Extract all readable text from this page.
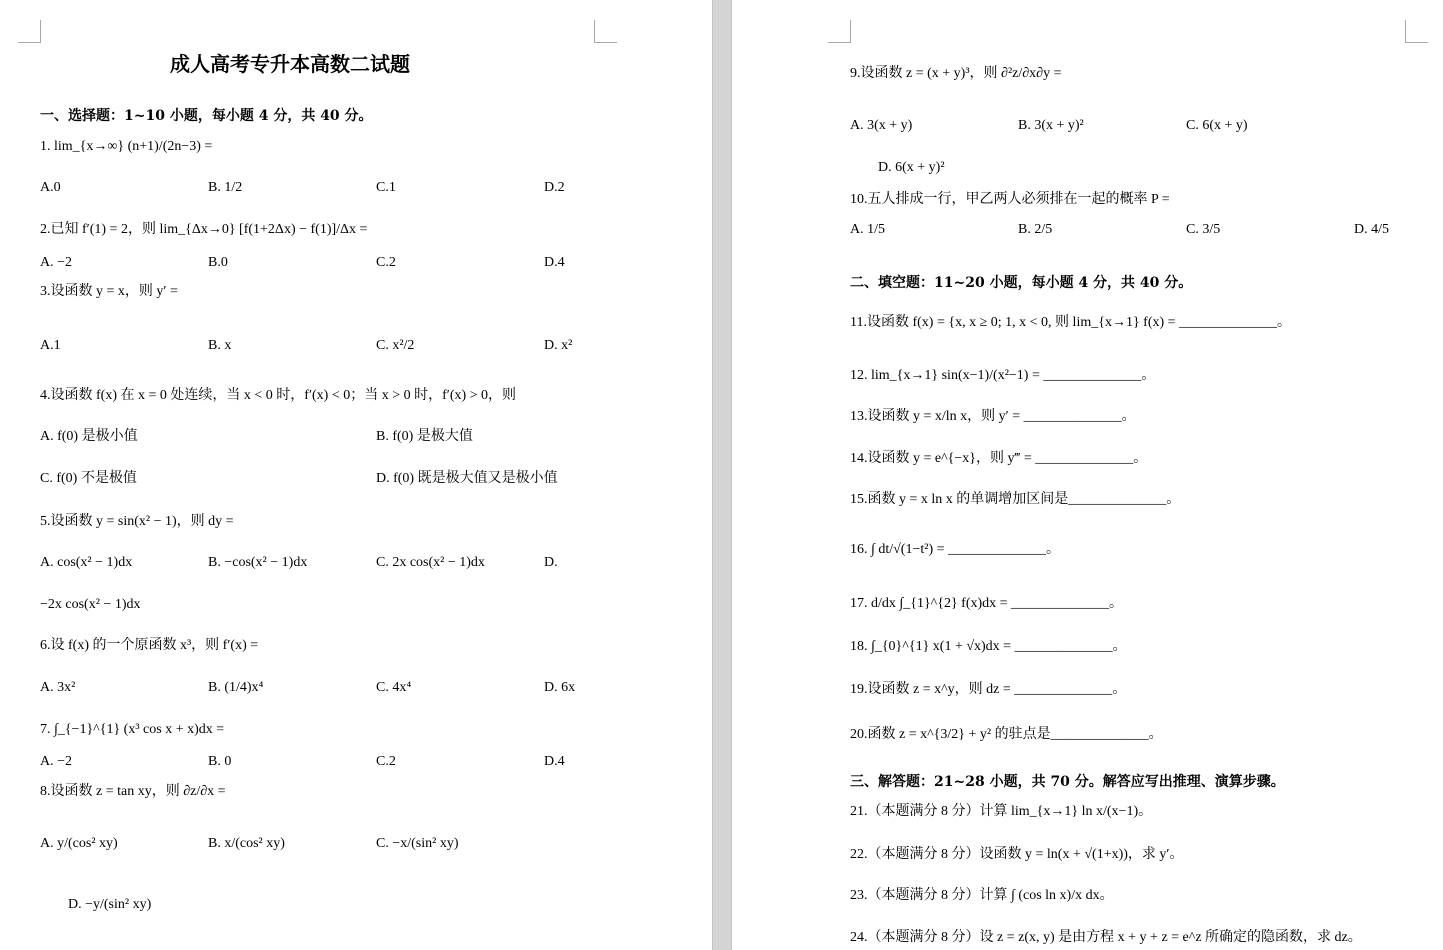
成人高考专升本高数二试题
一、选择题：1~10 小题，每小题 4 分，共 40 分。
1. lim_{x→∞} (n+1)/(2n−3) =
A.0	B. 1/2	C.1	D.2
2.已知 f′(1) = 2，则 lim_{Δx→0} [f(1+2Δx) − f(1)]/Δx =
A. −2	B.0	C.2	D.4
3.设函数 y = x，则 y′ =
A.1	B. x	C. x²/2	D. x²
4.设函数 f(x) 在 x = 0 处连续，当 x < 0 时，f′(x) < 0；当 x > 0 时，f′(x) > 0，则
A. f(0) 是极小值	B. f(0) 是极大值
C. f(0) 不是极值	D. f(0) 既是极大值又是极小值
5.设函数 y = sin(x² − 1)，则 dy =
A. cos(x² − 1)dx	B. −cos(x² − 1)dx	C. 2x cos(x² − 1)dx	D.
−2x cos(x² − 1)dx
6.设 f(x) 的一个原函数 x³，则 f′(x) =
A. 3x²	B. (1/4)x⁴	C. 4x⁴	D. 6x
7. ∫_{−1}^{1} (x³ cos x + x)dx =
A. −2	B. 0	C.2	D.4
8.设函数 z = tan xy，则 ∂z/∂x =
A. y/(cos² xy)	B. x/(cos² xy)	C. −x/(sin² xy)
D. −y/(sin² xy)
9.设函数 z = (x + y)³，则 ∂²z/∂x∂y =
A. 3(x + y)	B. 3(x + y)²	C. 6(x + y)
D. 6(x + y)²
10.五人排成一行，甲乙两人必须排在一起的概率 P =
A. 1/5	B. 2/5	C. 3/5	D. 4/5
二、填空题：11~20 小题，每小题 4 分，共 40 分。
11.设函数 f(x) = {x, x ≥ 0; 1, x < 0, 则 lim_{x→1} f(x) = ______________。
12. lim_{x→1} sin(x−1)/(x²−1) = ______________。
13.设函数 y = x/ln x，则 y′ = ______________。
14.设函数 y = e^{−x}，则 y‴ = ______________。
15.函数 y = x ln x 的单调增加区间是______________。
16. ∫ dt/√(1−t²) = ______________。
17. d/dx ∫_{1}^{2} f(x)dx = ______________。
18. ∫_{0}^{1} x(1 + √x)dx = ______________。
19.设函数 z = x^y，则 dz = ______________。
20.函数 z = x^{3/2} + y² 的驻点是______________。
三、解答题：21~28 小题，共 70 分。解答应写出推理、演算步骤。
21.（本题满分 8 分）计算 lim_{x→1} ln x/(x−1)。
22.（本题满分 8 分）设函数 y = ln(x + √(1+x))，求 y′。
23.（本题满分 8 分）计算 ∫ (cos ln x)/x dx。
24.（本题满分 8 分）设 z = z(x, y) 是由方程 x + y + z = e^z 所确定的隐函数，求 dz。
